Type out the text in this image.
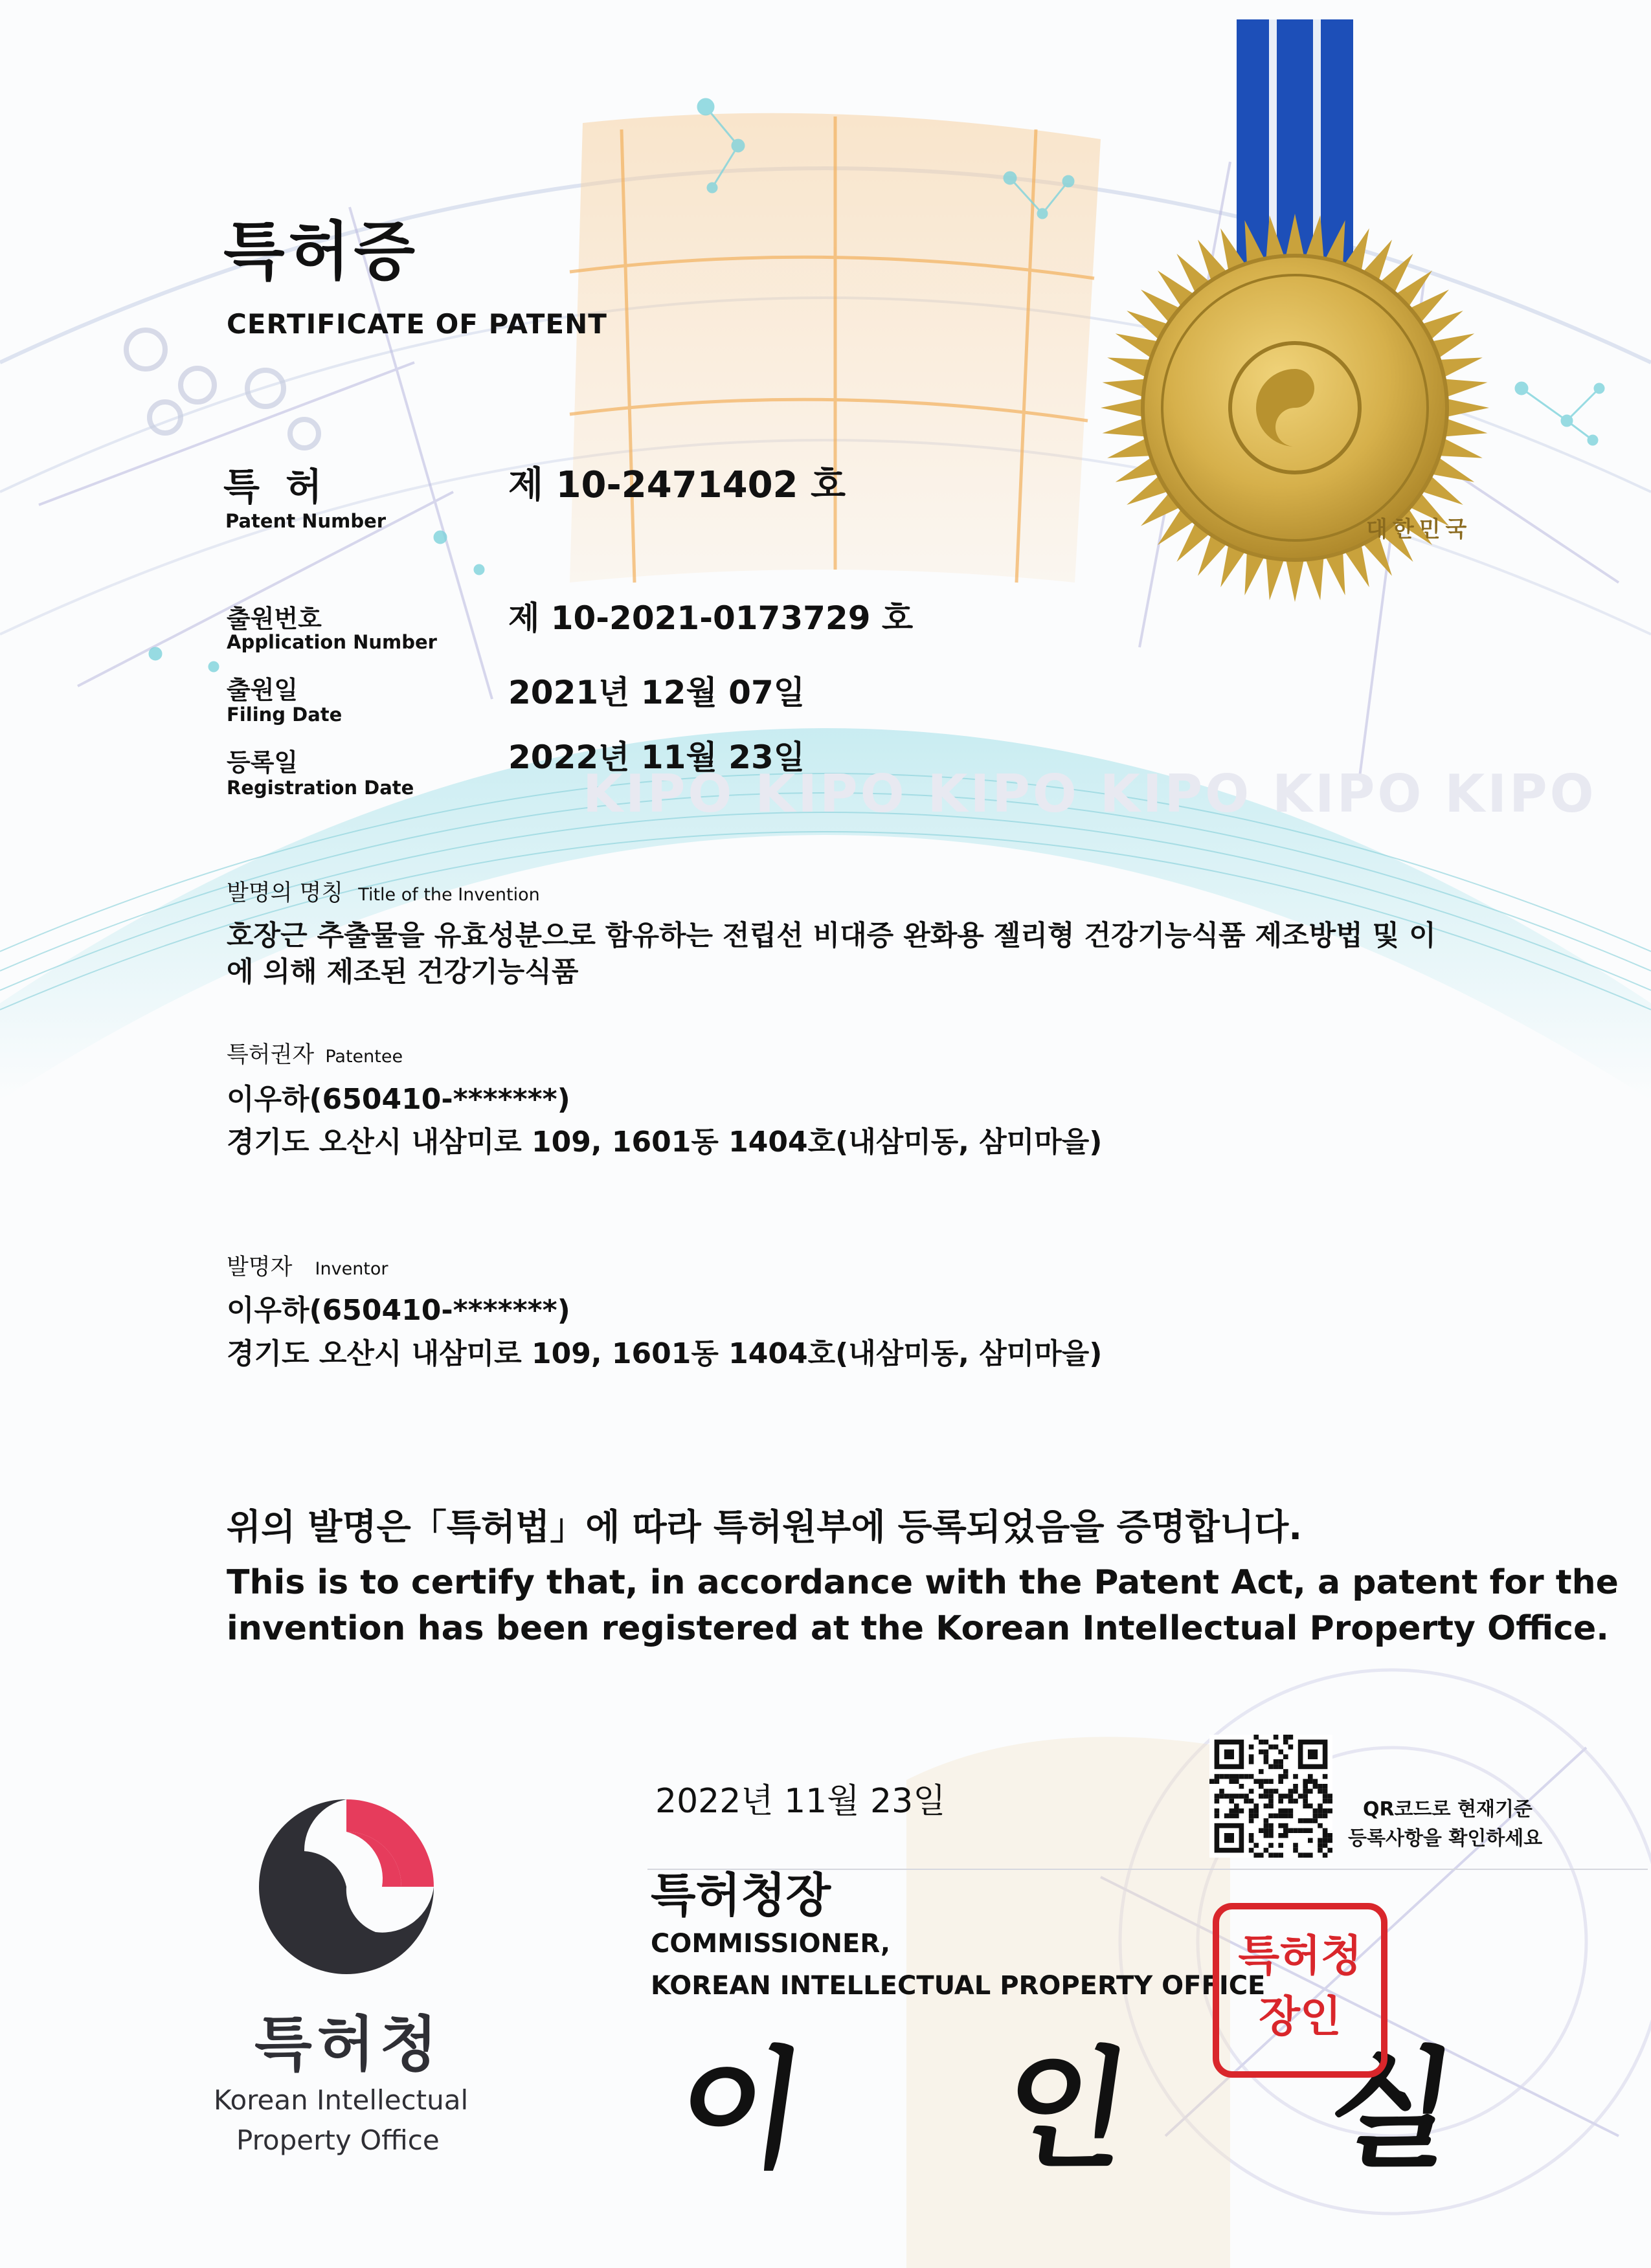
특허증
CERTIFICATE OF PATENT
대한민국
특 허
Patent Number
제 10-2471402 호
출원번호
Application Number
제 10-2021-0173729 호
출원일
Filing Date
2021년 12월 07일
등록일
Registration Date
2022년 11월 23일
KIPO KIPO KIPO KIPO KIPO KIPO
발명의 명칭 Title of the Invention
호장근 추출물을 유효성분으로 함유하는 전립선 비대증 완화용 젤리형 건강기능식품 제조방법 및 이
에 의해 제조된 건강기능식품
특허권자 Patentee
이우하(650410-*******)
경기도 오산시 내삼미로 109, 1601동 1404호(내삼미동, 삼미마을)
발명자 Inventor
이우하(650410-*******)
경기도 오산시 내삼미로 109, 1601동 1404호(내삼미동, 삼미마을)
위의 발명은「특허법」에 따라 특허원부에 등록되었음을 증명합니다.
This is to certify that, in accordance with the Patent Act, a patent for the
invention has been registered at the Korean Intellectual Property Office.
2022년 11월 23일	QR코드로 현재기준
등록사항을 확인하세요
특허청장
COMMISSIONER,
KOREAN INTELLECTUAL PROPERTY OFFICE
이 인 실
특허청장인
특허청
Korean Intellectual
Property Office
